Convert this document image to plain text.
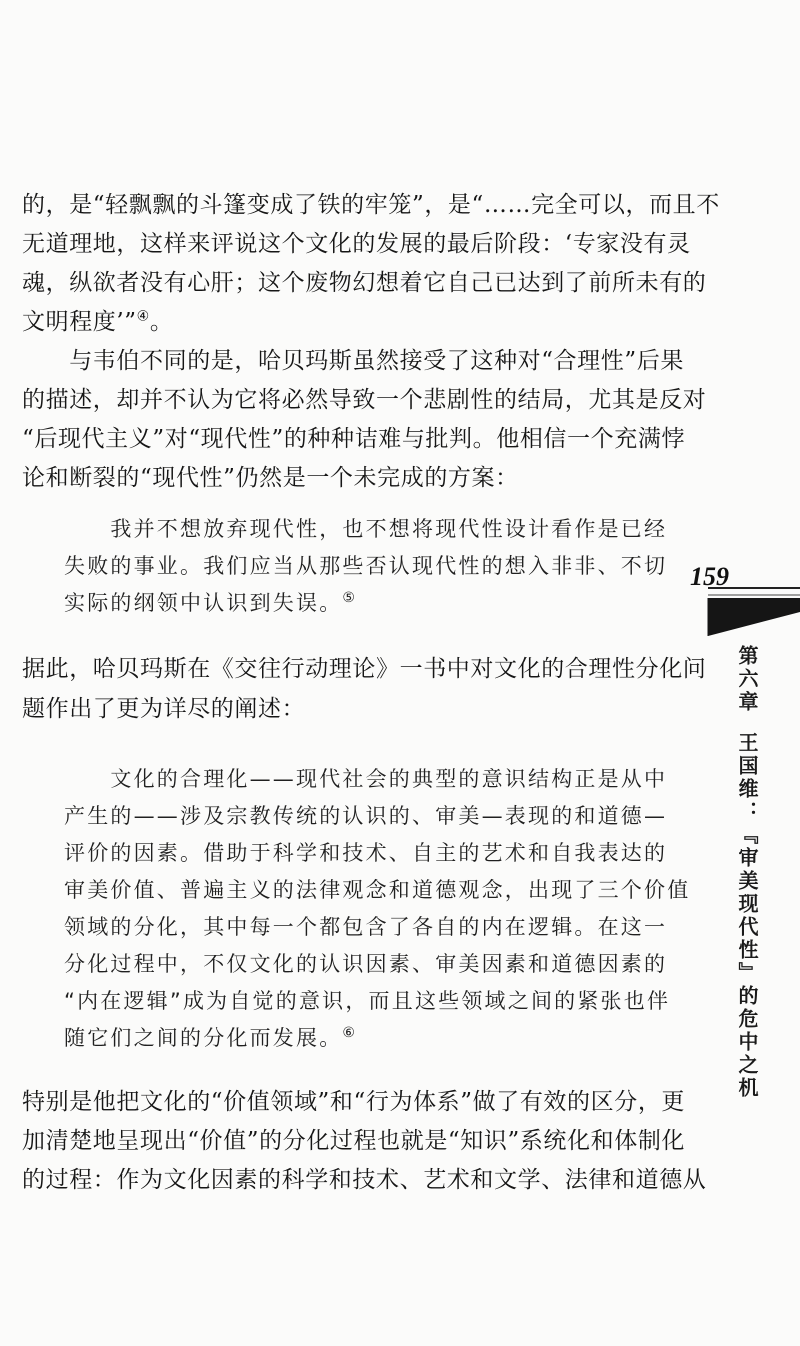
的，是“轻飘飘的斗篷变成了铁的牢笼”，是“……完全可以，而且不
无道理地，这样来评说这个文化的发展的最后阶段：‘专家没有灵
魂，纵欲者没有心肝；这个废物幻想着它自己已达到了前所未有的
文明程度’”④。
　　与韦伯不同的是，哈贝玛斯虽然接受了这种对“合理性”后果
的描述，却并不认为它将必然导致一个悲剧性的结局，尤其是反对
“后现代主义”对“现代性”的种种诘难与批判。他相信一个充满悖
论和断裂的“现代性”仍然是一个未完成的方案：
　　我并不想放弃现代性，也不想将现代性设计看作是已经
失败的事业。我们应当从那些否认现代性的想入非非、不切
实际的纲领中认识到失误。⑤
据此，哈贝玛斯在《交往行动理论》一书中对文化的合理性分化问
题作出了更为详尽的阐述：
　　文化的合理化——现代社会的典型的意识结构正是从中
产生的——涉及宗教传统的认识的、审美—表现的和道德—
评价的因素。借助于科学和技术、自主的艺术和自我表达的
审美价值、普遍主义的法律观念和道德观念，出现了三个价值
领域的分化，其中每一个都包含了各自的内在逻辑。在这一
分化过程中，不仅文化的认识因素、审美因素和道德因素的
“内在逻辑”成为自觉的意识，而且这些领域之间的紧张也伴
随它们之间的分化而发展。⑥
特别是他把文化的“价值领域”和“行为体系”做了有效的区分，更
加清楚地呈现出“价值”的分化过程也就是“知识”系统化和体制化
的过程：作为文化因素的科学和技术、艺术和文学、法律和道德从
159
第六章王国维：『审美现代性』的危中之机
